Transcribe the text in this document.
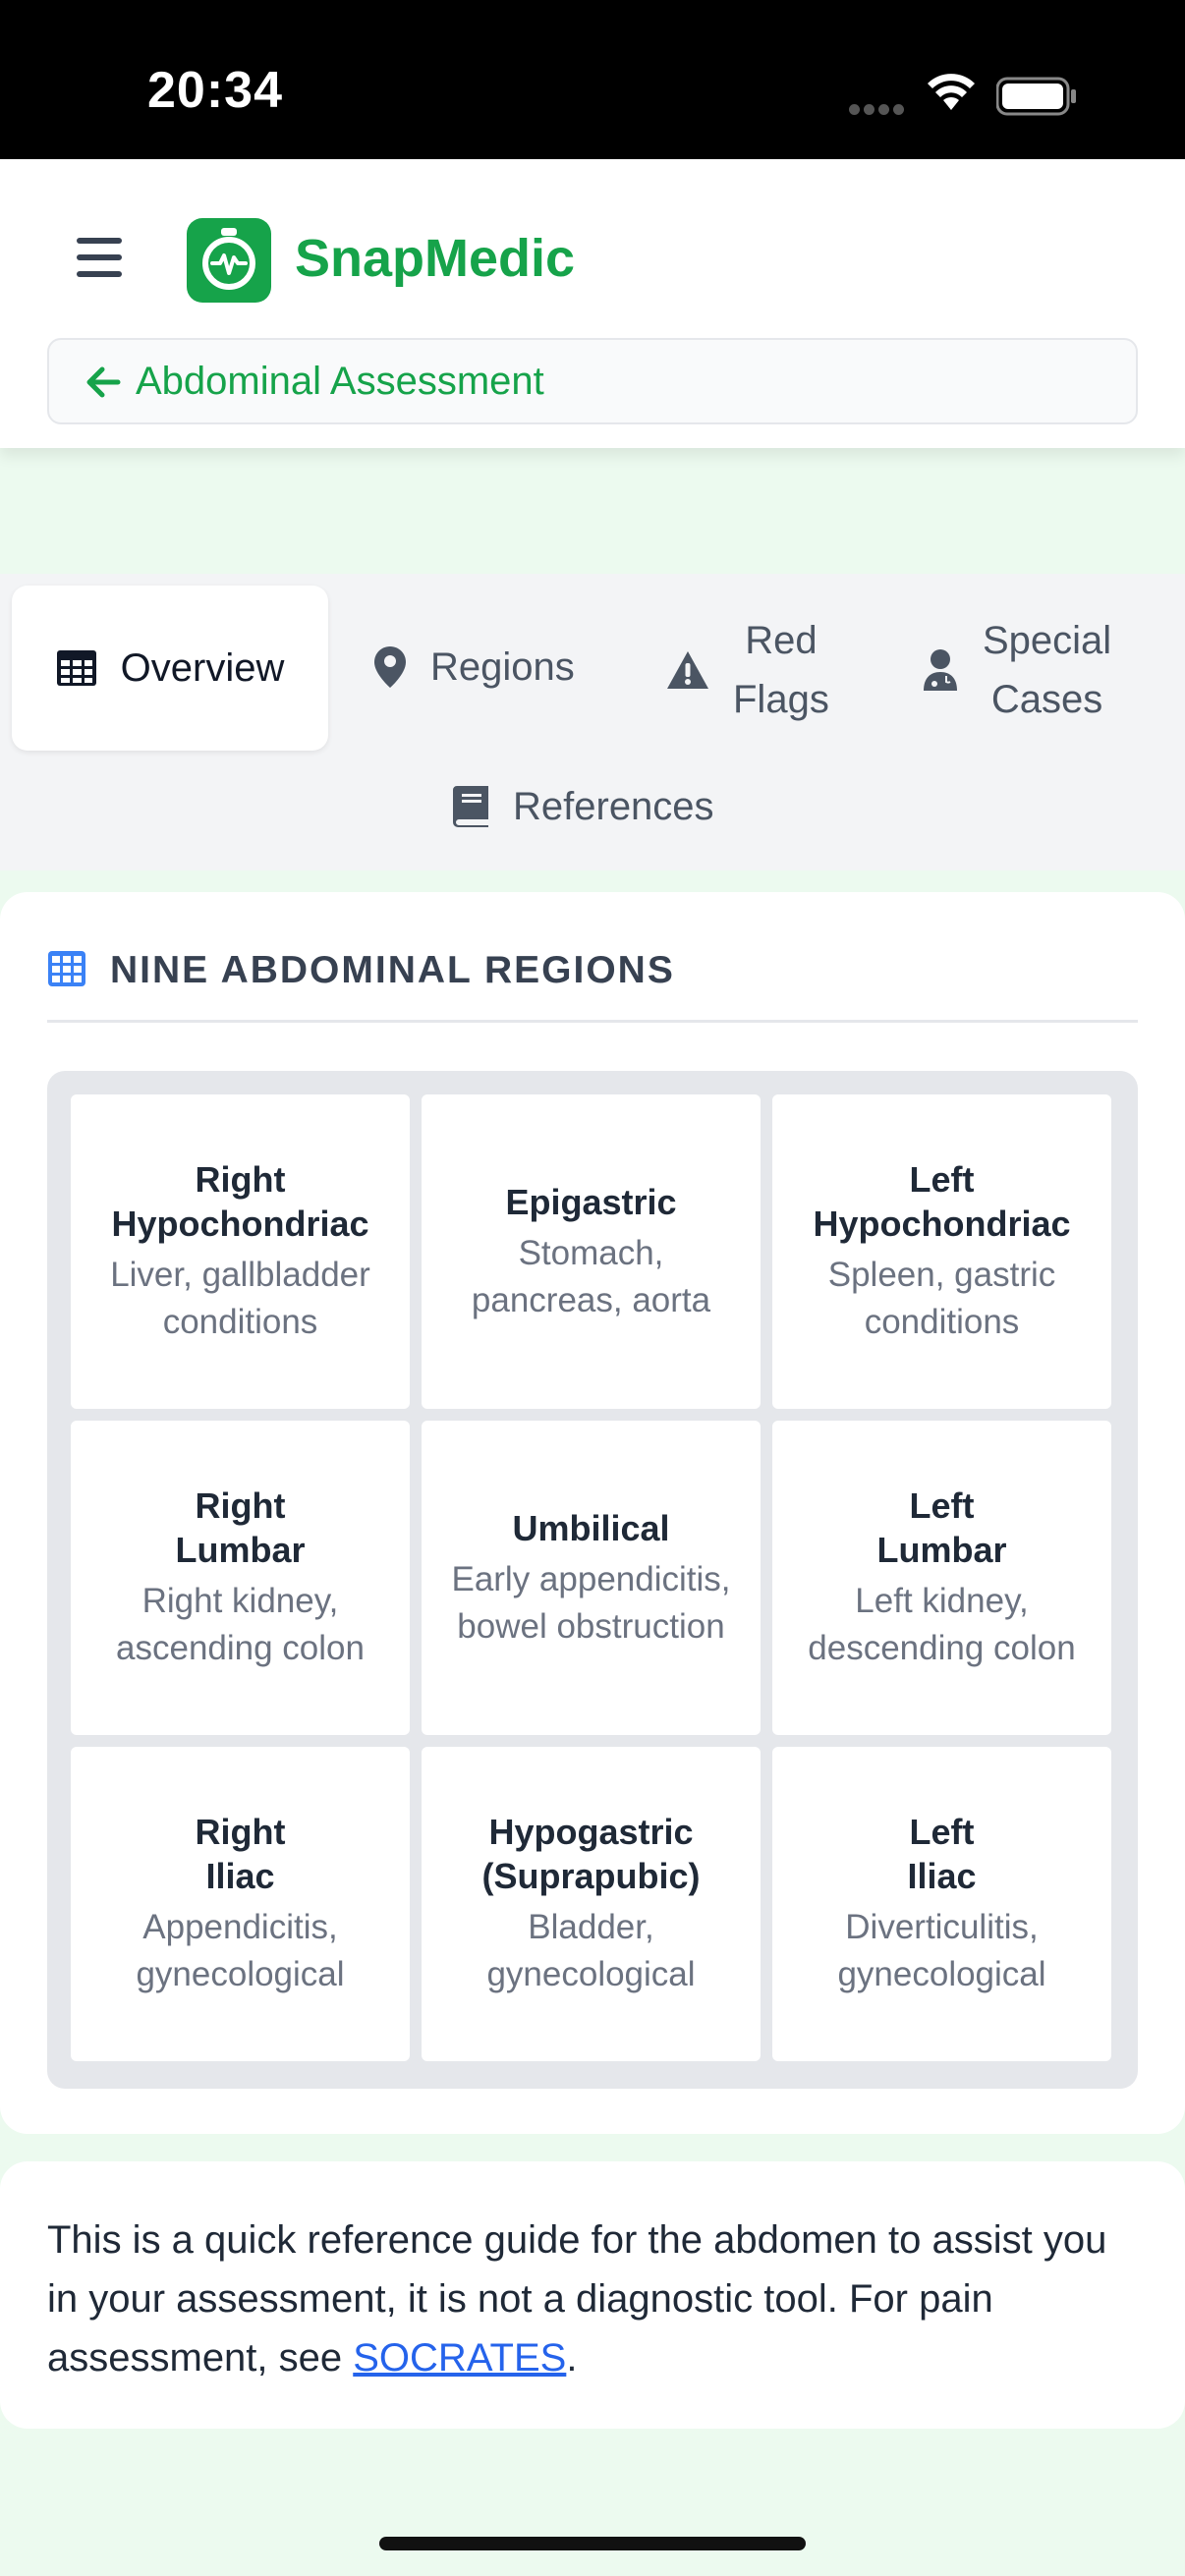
20:34
SnapMedic
Abdominal Assessment
Overview	Regions
Red
Flags
Special
Cases
References
NINE ABDOMINAL REGIONS
Right
Hypochondriac
Liver, gallbladder conditions
Epigastric
Stomach, pancreas, aorta
Left
Hypochondriac
Spleen, gastric conditions
Right
Lumbar
Right kidney, ascending colon
Umbilical
Early appendicitis, bowel obstruction
Left
Lumbar
Left kidney, descending colon
Right
Iliac
Appendicitis, gynecological
Hypogastric
(Suprapubic)
Bladder, gynecological
Left
Iliac
Diverticulitis, gynecological

This is a quick reference guide for the abdomen to assist you in your assessment, it is not a diagnostic tool. For pain assessment, see SOCRATES.
